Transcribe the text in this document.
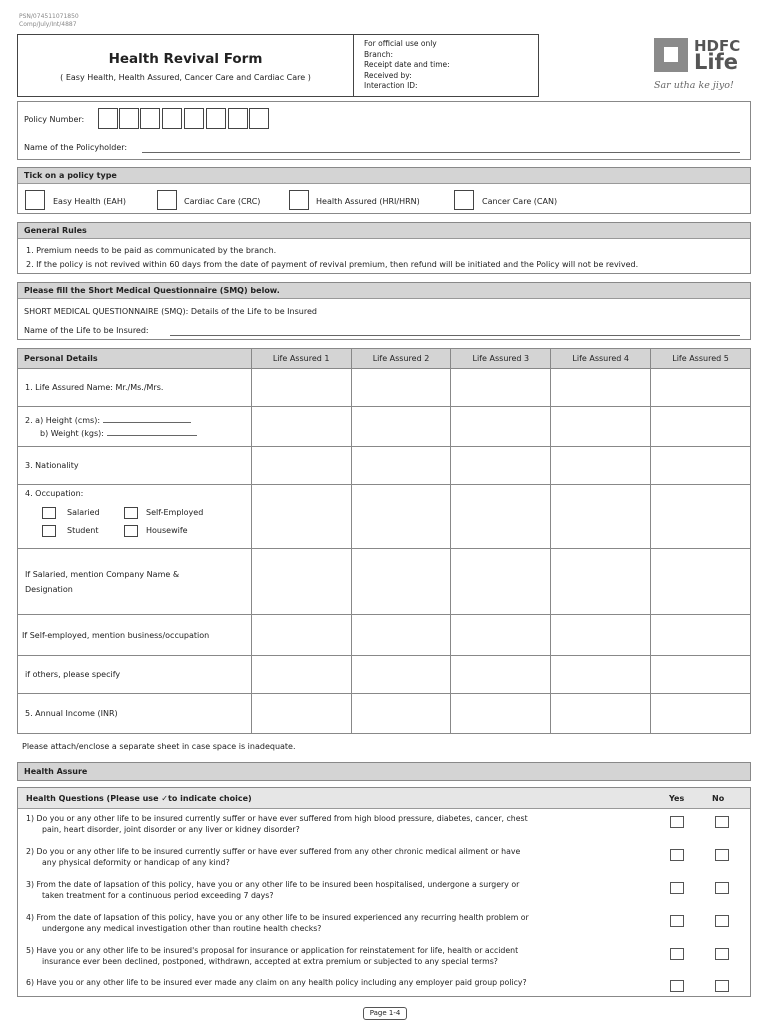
PSN/074511071850
Comp/July/Int/4887
Health Revival Form
( Easy Health, Health Assured, Cancer Care and Cardiac Care )
For official use only
Branch:
Receipt date and time:
Received by:
Interaction ID:
HDFC
Life
Sar utha ke jiyo!
Policy Number:
Name of the Policyholder:
Tick on a policy type
Easy Health (EAH)	Cardiac Care (CRC)	Health Assured (HRI/HRN)	Cancer Care (CAN)
General Rules
1. Premium needs to be paid as communicated by the branch.
2. If the policy is not revived within 60 days from the date of payment of revival premium, then refund will be initiated and the Policy will not be revived.
Please fill the Short Medical Questionnaire (SMQ) below.
SHORT MEDICAL QUESTIONNAIRE (SMQ): Details of the Life to be Insured
Name of the Life to be Insured:
Personal Details	Life Assured 1	Life Assured 2	Life Assured 3	Life Assured 4	Life Assured 5
1. Life Assured Name: Mr./Ms./Mrs.					

2. a) Height (cms):
b) Weight (kgs):					

3. Nationality					

4. Occupation:
Salaried Self-Employed
Student Housewife					

If Salaried, mention Company Name &
Designation					

If Self-employed, mention business/occupation					
if others, please specify					
5. Annual Income (INR)					
Please attach/enclose a separate sheet in case space is inadequate.
Health Assure
Health Questions (Please use ✓to indicate choice)	Yes	No
1) Do you or any other life to be insured currently suffer or have ever suffered from high blood pressure, diabetes, cancer, chest
pain, heart disorder, joint disorder or any liver or kidney disorder?
2) Do you or any other life to be insured currently suffer or have ever suffered from any other chronic medical ailment or have
any physical deformity or handicap of any kind?
3) From the date of lapsation of this policy, have you or any other life to be insured been hospitalised, undergone a surgery or
taken treatment for a continuous period exceeding 7 days?
4) From the date of lapsation of this policy, have you or any other life to be insured experienced any recurring health problem or
undergone any medical investigation other than routine health checks?
5) Have you or any other life to be insured's proposal for insurance or application for reinstatement for life, health or accident
insurance ever been declined, postponed, withdrawn, accepted at extra premium or subjected to any special terms?
6) Have you or any other life to be insured ever made any claim on any health policy including any employer paid group policy?
Page 1-4
